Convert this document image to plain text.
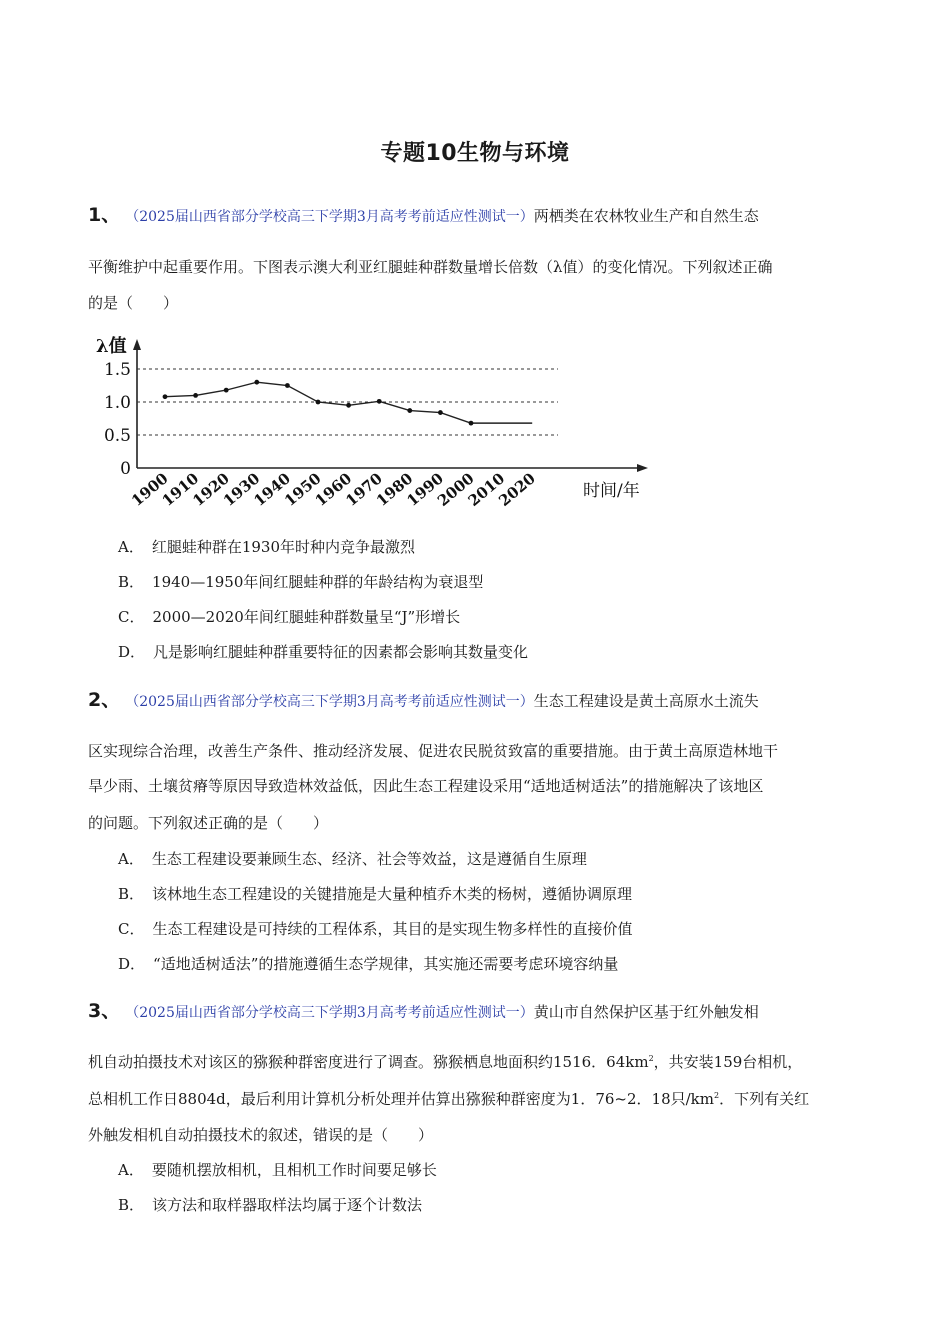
专题10生物与环境
1、 （2025届山西省部分学校高三下学期3月高考考前适应性测试一）两栖类在农林牧业生产和自然生态
平衡维护中起重要作用。下图表示澳大利亚红腿蛙种群数量增长倍数（λ值）的变化情况。下列叙述正确
的是（　　）
0
0.5
1.0
1.5
λ值
1900
1910
1920
1930
1940
1950
1960
1970
1980
1990
2000
2010
2020	时间/年
A． 红腿蛙种群在1930年时种内竞争最激烈
B． 1940—1950年间红腿蛙种群的年龄结构为衰退型
C． 2000—2020年间红腿蛙种群数量呈“J”形增长
D． 凡是影响红腿蛙种群重要特征的因素都会影响其数量变化
2、 （2025届山西省部分学校高三下学期3月高考考前适应性测试一）生态工程建设是黄土高原水土流失
区实现综合治理，改善生产条件、推动经济发展、促进农民脱贫致富的重要措施。由于黄土高原造林地干
旱少雨、土壤贫瘠等原因导致造林效益低，因此生态工程建设采用“适地适树适法”的措施解决了该地区
的问题。下列叙述正确的是（　　）
A． 生态工程建设要兼顾生态、经济、社会等效益，这是遵循自生原理
B． 该林地生态工程建设的关键措施是大量种植乔木类的杨树，遵循协调原理
C． 生态工程建设是可持续的工程体系，其目的是实现生物多样性的直接价值
D． “适地适树适法”的措施遵循生态学规律，其实施还需要考虑环境容纳量
3、 （2025届山西省部分学校高三下学期3月高考考前适应性测试一）黄山市自然保护区基于红外触发相
机自动拍摄技术对该区的猕猴种群密度进行了调查。猕猴栖息地面积约1516．$64km^2$，共安装159台相机，
总相机工作日8804d，最后利用计算机分析处理并估算出猕猴种群密度为1．76~2．18只$/km^2$．下列有关红
外触发相机自动拍摄技术的叙述，错误的是（　　）
A． 要随机摆放相机，且相机工作时间要足够长
B． 该方法和取样器取样法均属于逐个计数法
